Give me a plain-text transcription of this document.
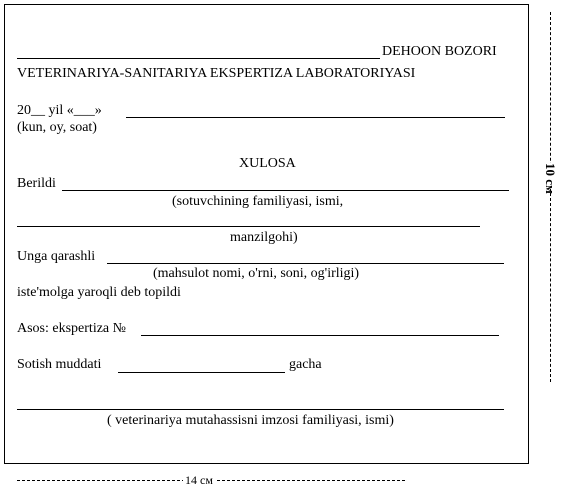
DEHOON BOZORI
VETERINARIYA-SANITARIYA EKSPERTIZA LABORATORIYASI
20__ yil «___»
(kun, oy, soat)
XULOSA
Berildi
(sotuvchining familiyasi, ismi,
manzilgohi)
Unga qarashli
(mahsulot nomi, o'rni, soni, og'irligi)
iste'molga yaroqli deb topildi
Asos: ekspertiza №
Sotish muddati	gacha
( veterinariya mutahassisni imzosi familiyasi, ismi)
10 см
14 см
